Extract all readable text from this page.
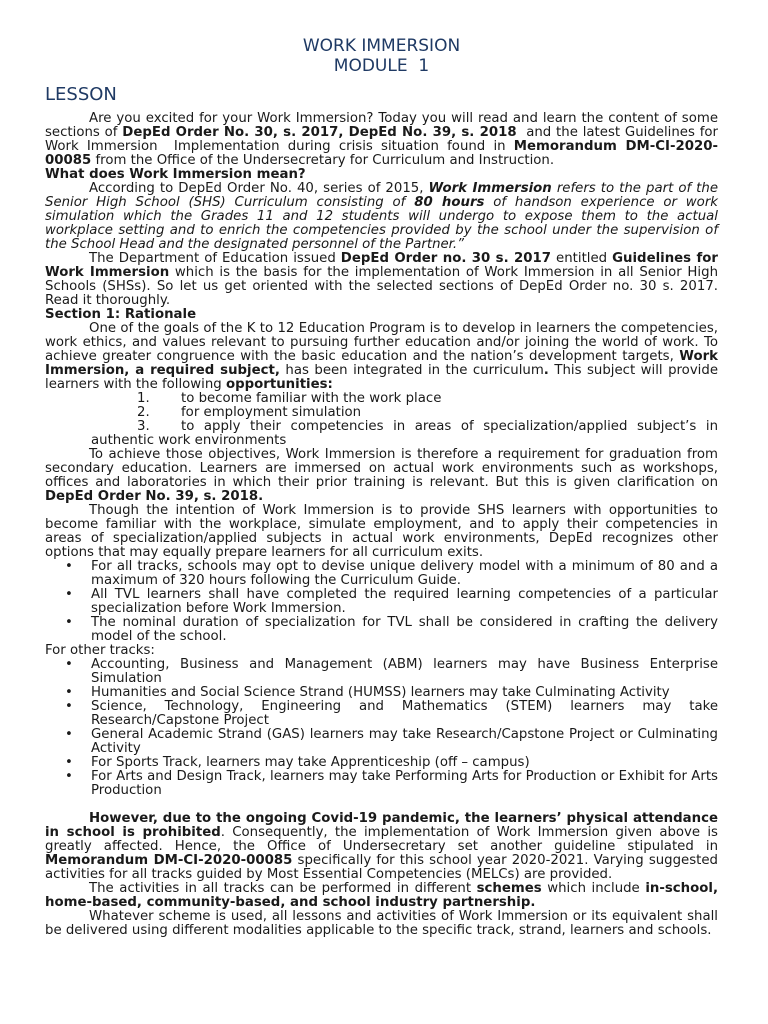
WORK IMMERSION
MODULE  1
LESSON

Are you excited for your Work Immersion? Today you will read and learn the content of some sections of DepEd Order No. 30, s. 2017, DepEd No. 39, s. 2018  and the latest Guidelines for Work Immersion  Implementation during crisis situation found in Memorandum DM-CI-2020-00085 from the Office of the Undersecretary for Curriculum and Instruction.

What does Work Immersion mean?

According to DepEd Order No. 40, series of 2015, Work Immersion refers to the part of the Senior High School (SHS) Curriculum consisting of 80 hours of handson experience or work simulation which the Grades 11 and 12 students will undergo to expose them to the actual workplace setting and to enrich the competencies provided by the school under the supervision of the School Head and the designated personnel of the Partner.”

The Department of Education issued DepEd Order no. 30 s. 2017 entitled Guidelines for Work Immersion which is the basis for the implementation of Work Immersion in all Senior High Schools (SHSs). So let us get oriented with the selected sections of DepEd Order no. 30 s. 2017. Read it thoroughly.

Section 1: Rationale

One of the goals of the K to 12 Education Program is to develop in learners the competencies, work ethics, and values relevant to pursuing further education and/or joining the world of work. To achieve greater congruence with the basic education and the nation’s development targets, Work Immersion, a required subject, has been integrated in the curriculum. This subject will provide learners with the following opportunities:

1. to become familiar with the work place
2. for employment simulation
3. to apply their competencies in areas of specialization/applied subject’s in authentic work environments

To achieve those objectives, Work Immersion is therefore a requirement for graduation from secondary education. Learners are immersed on actual work environments such as workshops, offices and laboratories in which their prior training is relevant. But this is given clarification on DepEd Order No. 39, s. 2018.

Though the intention of Work Immersion is to provide SHS learners with opportunities to become familiar with the workplace, simulate employment, and to apply their competencies in areas of specialization/applied subjects in actual work environments, DepEd recognizes other options that may equally prepare learners for all curriculum exits.

• For all tracks, schools may opt to devise unique delivery model with a minimum of 80 and a maximum of 320 hours following the Curriculum Guide.
• All TVL learners shall have completed the required learning competencies of a particular specialization before Work Immersion.
• The nominal duration of specialization for TVL shall be considered in crafting the delivery model of the school.

For other tracks:

• Accounting, Business and Management (ABM) learners may have Business Enterprise Simulation
• Humanities and Social Science Strand (HUMSS) learners may take Culminating Activity
• Science, Technology, Engineering and Mathematics (STEM) learners may take Research/Capstone Project
• General Academic Strand (GAS) learners may take Research/Capstone Project or Culminating Activity
• For Sports Track, learners may take Apprenticeship (off – campus)
• For Arts and Design Track, learners may take Performing Arts for Production or Exhibit for Arts Production

However, due to the ongoing Covid-19 pandemic, the learners’ physical attendance in school is prohibited. Consequently, the implementation of Work Immersion given above is greatly affected. Hence, the Office of Undersecretary set another guideline stipulated in Memorandum DM-CI-2020-00085 specifically for this school year 2020-2021. Varying suggested activities for all tracks guided by Most Essential Competencies (MELCs) are provided.

The activities in all tracks can be performed in different schemes which include in-school, home-based, community-based, and school industry partnership.

Whatever scheme is used, all lessons and activities of Work Immersion or its equivalent shall be delivered using different modalities applicable to the specific track, strand, learners and schools.
